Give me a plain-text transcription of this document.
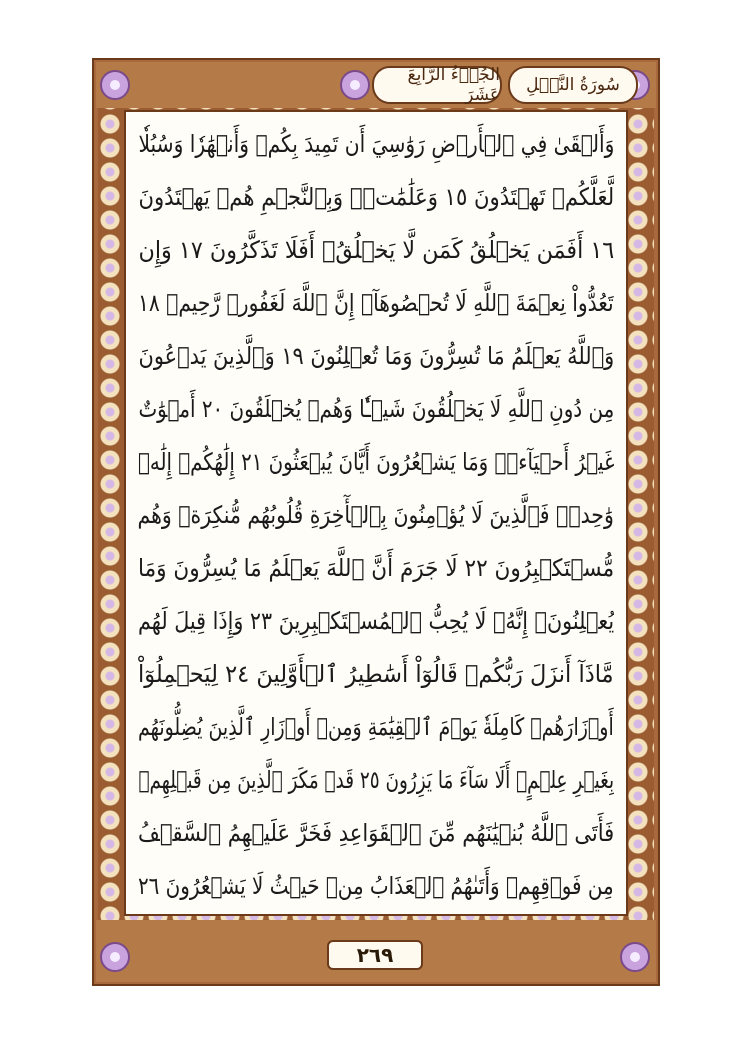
سُورَةُ النَّحۡلِ
الجُزۡءُ الرَّابِعَ عَشَرَ
وَأَلۡقَىٰ فِي ٱلۡأَرۡضِ رَوَٰسِيَ أَن تَمِيدَ بِكُمۡ وَأَنۡهَٰرٗا وَسُبُلٗا
لَّعَلَّكُمۡ تَهۡتَدُونَ ١٥ وَعَلَٰمَٰتٖۚ وَبِٱلنَّجۡمِ هُمۡ يَهۡتَدُونَ
١٦ أَفَمَن يَخۡلُقُ كَمَن لَّا يَخۡلُقُۚ أَفَلَا تَذَكَّرُونَ ١٧ وَإِن
تَعُدُّواْ نِعۡمَةَ ٱللَّهِ لَا تُحۡصُوهَآۗ إِنَّ ٱللَّهَ لَغَفُورٞ رَّحِيمٞ ١٨
وَٱللَّهُ يَعۡلَمُ مَا تُسِرُّونَ وَمَا تُعۡلِنُونَ ١٩ وَٱلَّذِينَ يَدۡعُونَ
مِن دُونِ ٱللَّهِ لَا يَخۡلُقُونَ شَيۡـٔٗا وَهُمۡ يُخۡلَقُونَ ٢٠ أَمۡوَٰتٌ
غَيۡرُ أَحۡيَآءٖۖ وَمَا يَشۡعُرُونَ أَيَّانَ يُبۡعَثُونَ ٢١ إِلَٰهُكُمۡ إِلَٰهٞ
وَٰحِدٞۚ فَٱلَّذِينَ لَا يُؤۡمِنُونَ بِٱلۡأٓخِرَةِ قُلُوبُهُم مُّنكِرَةٞ وَهُم
مُّسۡتَكۡبِرُونَ ٢٢ لَا جَرَمَ أَنَّ ٱللَّهَ يَعۡلَمُ مَا يُسِرُّونَ وَمَا
يُعۡلِنُونَۚ إِنَّهُۥ لَا يُحِبُّ ٱلۡمُسۡتَكۡبِرِينَ ٢٣ وَإِذَا قِيلَ لَهُم
مَّاذَآ أَنزَلَ رَبُّكُمۡ قَالُوٓاْ أَسَٰطِيرُ ٱلۡأَوَّلِينَ ٢٤ لِيَحۡمِلُوٓاْ
أَوۡزَارَهُمۡ كَامِلَةٗ يَوۡمَ ٱلۡقِيَٰمَةِ وَمِنۡ أَوۡزَارِ ٱلَّذِينَ يُضِلُّونَهُم
بِغَيۡرِ عِلۡمٍۗ أَلَا سَآءَ مَا يَزِرُونَ ٢٥ قَدۡ مَكَرَ ٱلَّذِينَ مِن قَبۡلِهِمۡ
فَأَتَى ٱللَّهُ بُنۡيَٰنَهُم مِّنَ ٱلۡقَوَاعِدِ فَخَرَّ عَلَيۡهِمُ ٱلسَّقۡفُ
مِن فَوۡقِهِمۡ وَأَتَىٰهُمُ ٱلۡعَذَابُ مِنۡ حَيۡثُ لَا يَشۡعُرُونَ ٢٦
٢٦٩
